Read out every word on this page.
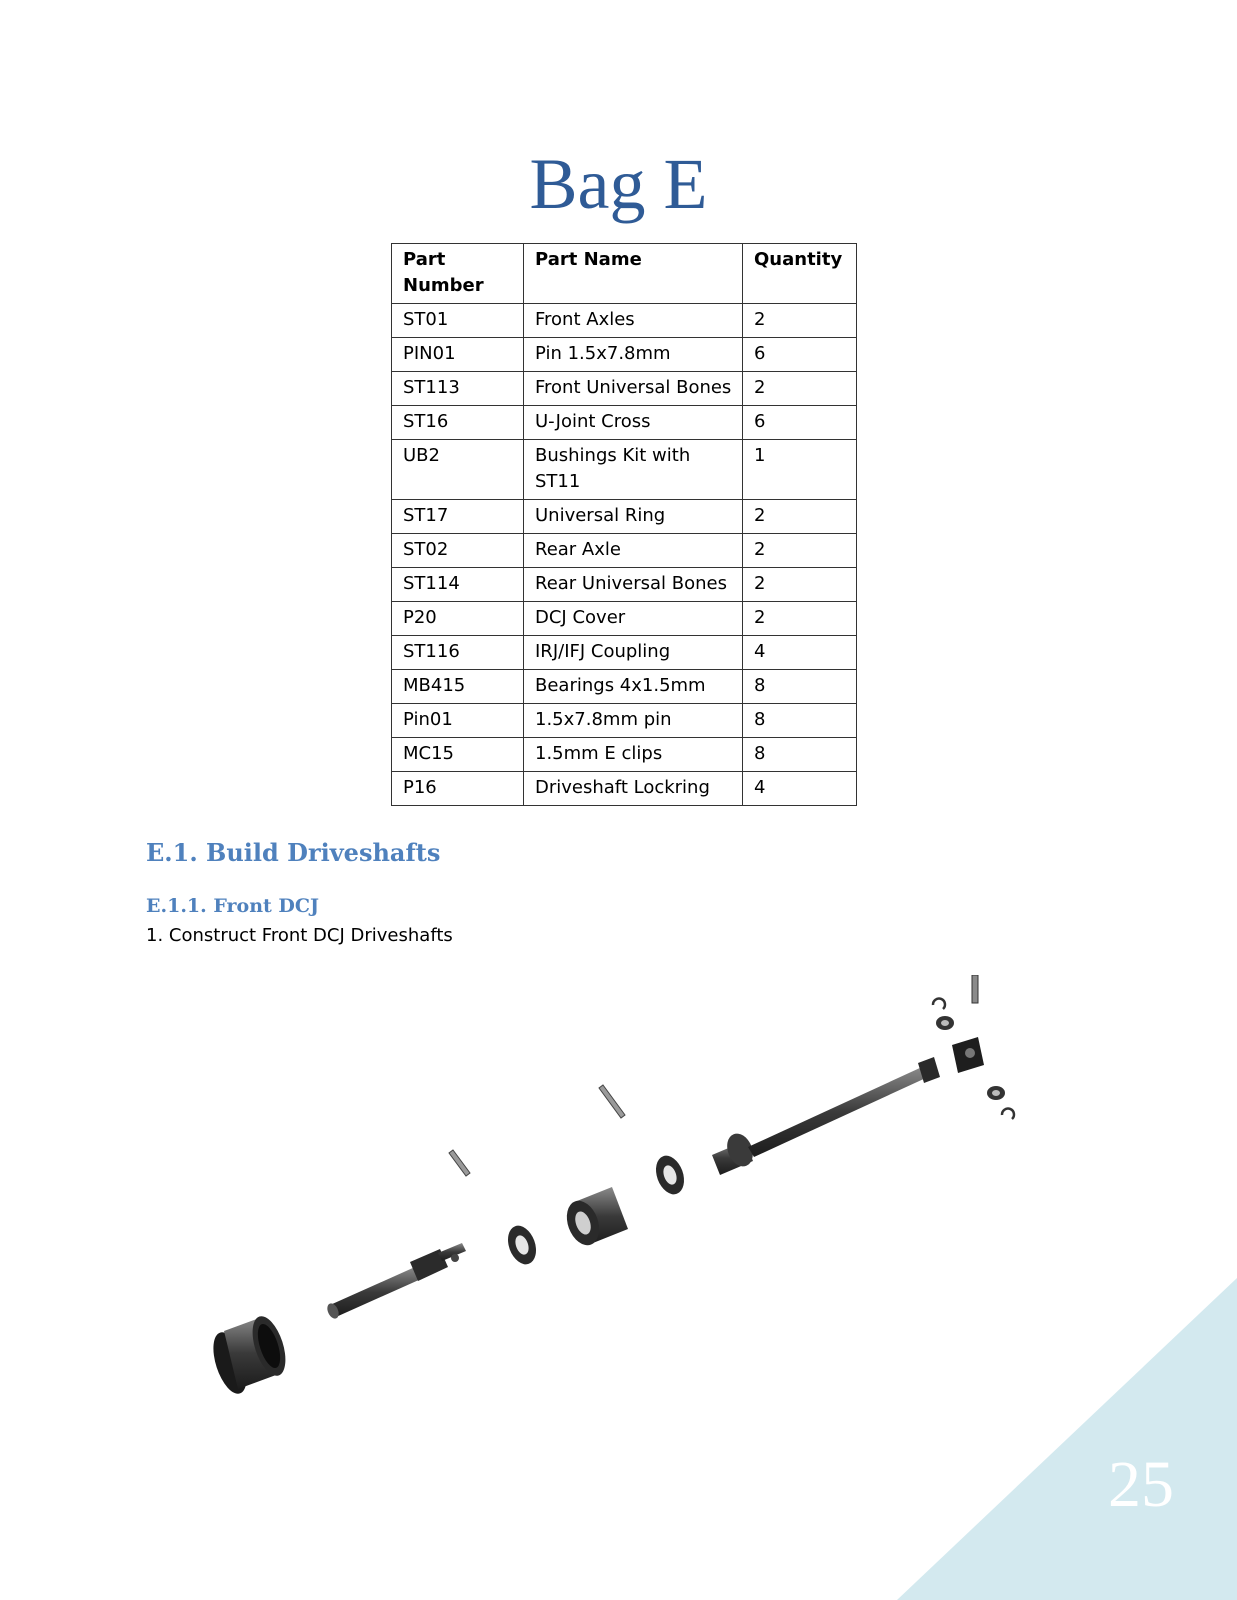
Bag E
Part Number	Part Name	Quantity
ST01	Front Axles	2
PIN01	Pin 1.5x7.8mm	6
ST113	Front Universal Bones	2
ST16	U-Joint Cross	6
UB2	Bushings Kit with ST11	1
ST17	Universal Ring	2
ST02	Rear Axle	2
ST114	Rear Universal Bones	2
P20	DCJ Cover	2
ST116	IRJ/IFJ Coupling	4
MB415	Bearings 4x1.5mm	8
Pin01	1.5x7.8mm pin	8
MC15	1.5mm E clips	8
P16	Driveshaft Lockring	4
E.1. Build Driveshafts
E.1.1. Front DCJ
1. Construct Front DCJ Driveshafts
25
